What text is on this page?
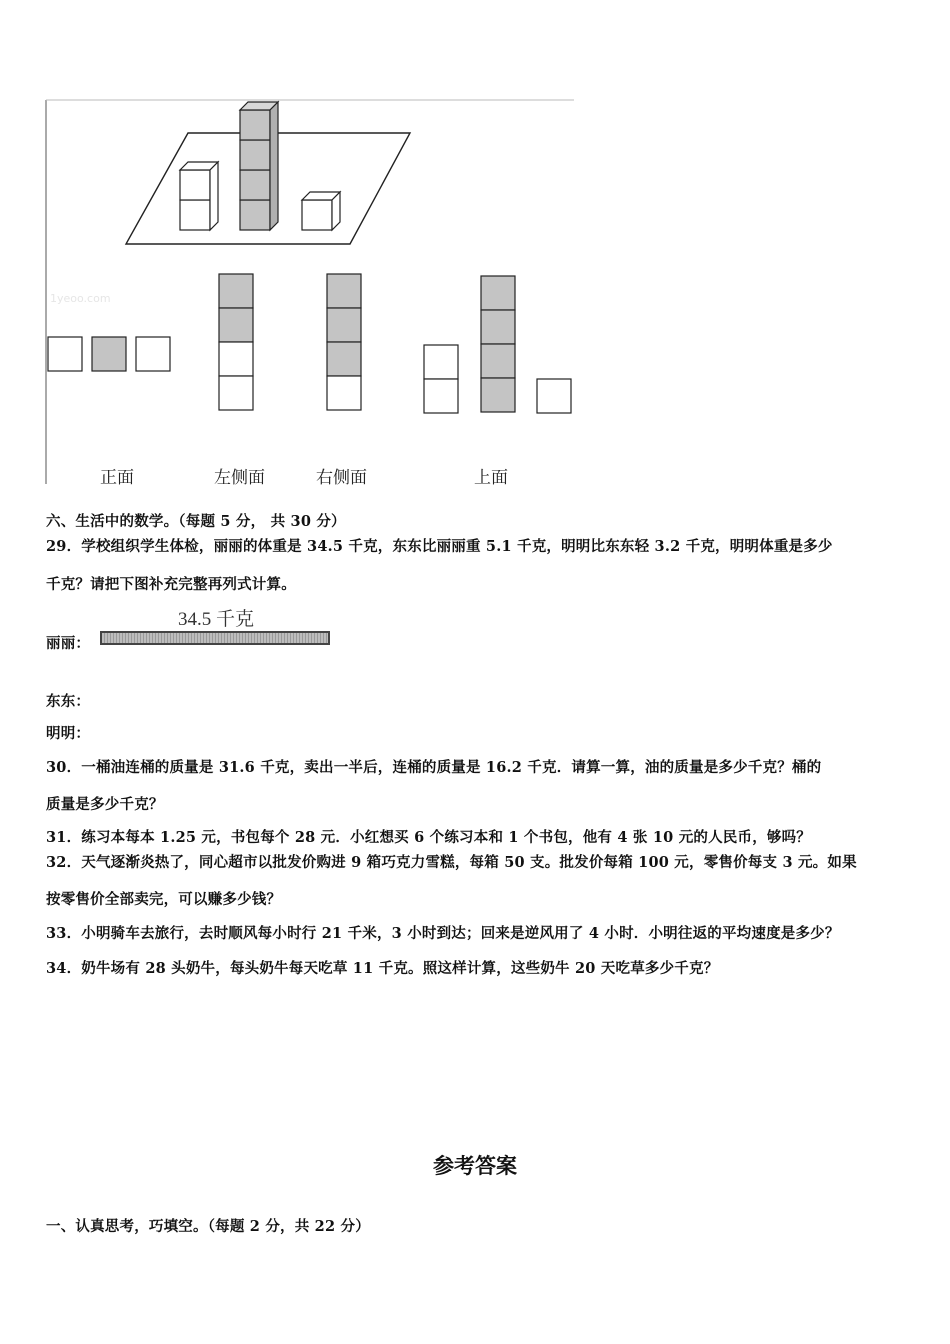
1yeoo.com
正面	左侧面	右侧面	上面
六、生活中的数学。（每题 5 分， 共 30 分）
29．学校组织学生体检，丽丽的体重是 34.5 千克，东东比丽丽重 5.1 千克，明明比东东轻 3.2 千克，明明体重是多少
千克？请把下图补充完整再列式计算。
34.5 千克
丽丽：
东东：
明明：
30．一桶油连桶的质量是 31.6 千克，卖出一半后，连桶的质量是 16.2 千克．请算一算，油的质量是多少千克？桶的
质量是多少千克？
31．练习本每本 1.25 元，书包每个 28 元．小红想买 6 个练习本和 1 个书包，他有 4 张 10 元的人民币，够吗？
32．天气逐渐炎热了，同心超市以批发价购进 9 箱巧克力雪糕，每箱 50 支。批发价每箱 100 元，零售价每支 3 元。如果
按零售价全部卖完，可以赚多少钱？
33．小明骑车去旅行，去时顺风每小时行 21 千米，3 小时到达；回来是逆风用了 4 小时．小明往返的平均速度是多少？
34．奶牛场有 28 头奶牛，每头奶牛每天吃草 11 千克。照这样计算，这些奶牛 20 天吃草多少千克？
参考答案
一、认真思考，巧填空。（每题 2 分，共 22 分）
